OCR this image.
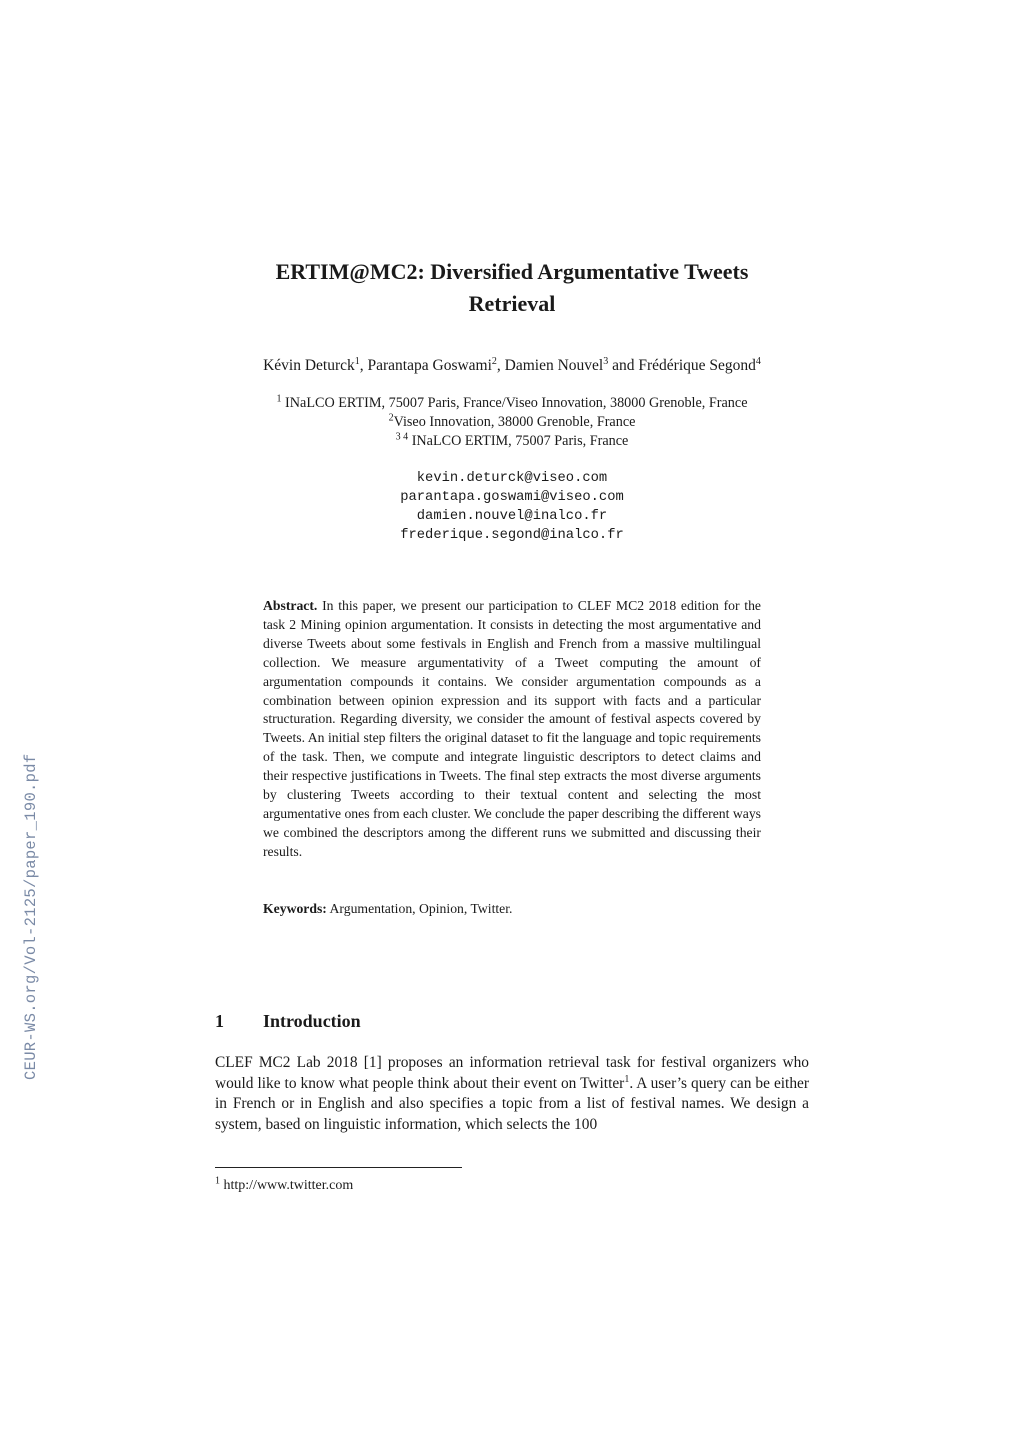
CEUR-WS.org/Vol-2125/paper_190.pdf
ERTIM@MC2: Diversified Argumentative Tweets
Retrieval
Kévin Deturck$^1$, Parantapa Goswami$^2$, Damien Nouvel$^3$ and Frédérique Segond$^4$
$^1$ INaLCO ERTIM, 75007 Paris, France/Viseo Innovation, 38000 Grenoble, France
$^2$Viseo Innovation, 38000 Grenoble, France
$^{3 4}$ INaLCO ERTIM, 75007 Paris, France
kevin.deturck@viseo.com
parantapa.goswami@viseo.com
damien.nouvel@inalco.fr
frederique.segond@inalco.fr
Abstract. In this paper, we present our participation to CLEF MC2 2018 edition for the task 2 Mining opinion argumentation. It consists in detecting the most argumentative and diverse Tweets about some festivals in English and French from a massive multilingual collection. We measure argumentativity of a Tweet computing the amount of argumentation compounds it contains. We consider argumentation compounds as a combination between opinion expression and its support with facts and a particular structuration. Regarding diversity, we consider the amount of festival aspects covered by Tweets. An initial step filters the original dataset to fit the language and topic requirements of the task. Then, we compute and integrate linguistic descriptors to detect claims and their respective justifications in Tweets. The final step extracts the most diverse arguments by clustering Tweets according to their textual content and selecting the most argumentative ones from each cluster. We conclude the paper describing the different ways we combined the descriptors among the different runs we submitted and discussing their results.
Keywords: Argumentation, Opinion, Twitter.
1 Introduction
CLEF MC2 Lab 2018 [1] proposes an information retrieval task for festival organizers who would like to know what people think about their event on Twitter$^1$. A user’s query can be either in French or in English and also specifies a topic from a list of festival names. We design a system, based on linguistic information, which selects the 100
$^1$ http://www.twitter.com
